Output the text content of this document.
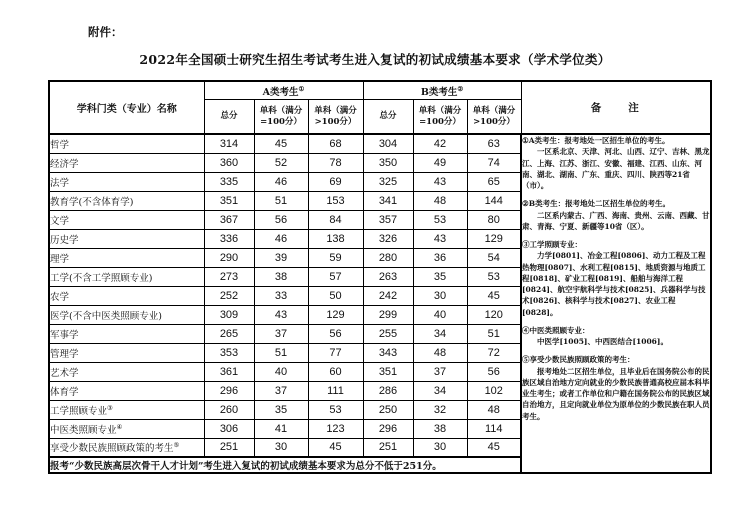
附件：
2022年全国硕士研究生招生考试考生进入复试的初试成绩基本要求（学术学位类）
学科门类（专业）名称	A类考生①			B类考生②			备　　注
	总分	单科（满分=100分）	单科（满分>100分）	总分	单科（满分=100分）	单科（满分>100分）	
哲学	314	45	68	304	42	63	①A类考生：报考地处一区招生单位的考生。

一区系北京、天津、河北、山西、辽宁、吉林、黑龙江、上海、江苏、浙江、安徽、福建、江西、山东、河南、湖北、湖南、广东、重庆、四川、陕西等21省（市）。

②B类考生：报考地处二区招生单位的考生。

二区系内蒙古、广西、海南、贵州、云南、西藏、甘肃、青海、宁夏、新疆等10省（区）。

③工学照顾专业：

力学[0801]、冶金工程[0806]、动力工程及工程热物理[0807]、水利工程[0815]、地质资源与地质工程[0818]、矿业工程[0819]、船舶与海洋工程[0824]、航空宇航科学与技术[0825]、兵器科学与技术[0826]、核科学与技术[0827]、农业工程[0828]。

④中医类照顾专业：

中医学[1005]、中西医结合[1006]。

⑤享受少数民族照顾政策的考生：

报考地处二区招生单位，且毕业后在国务院公布的民族区域自治地方定向就业的少数民族普通高校应届本科毕业生考生；或者工作单位和户籍在国务院公布的民族区域自治地方，且定向就业单位为原单位的少数民族在职人员考生。

经济学	360	52	78	350	49	74	
法学	335	46	69	325	43	65	
教育学(不含体育学)	351	51	153	341	48	144	
文学	367	56	84	357	53	80	
历史学	336	46	138	326	43	129	
理学	290	39	59	280	36	54	
工学(不含工学照顾专业)	273	38	57	263	35	53	
农学	252	33	50	242	30	45	
医学(不含中医类照顾专业)	309	43	129	299	40	120	
军事学	265	37	56	255	34	51	
管理学	353	51	77	343	48	72	
艺术学	361	40	60	351	37	56	
体育学	296	37	111	286	34	102	
工学照顾专业③	260	35	53	250	32	48	
中医类照顾专业④	306	41	123	296	38	114	
享受少数民族照顾政策的考生⑤	251	30	45	251	30	45	
报考“少数民族高层次骨干人才计划”考生进入复试的初试成绩基本要求为总分不低于251分。							
